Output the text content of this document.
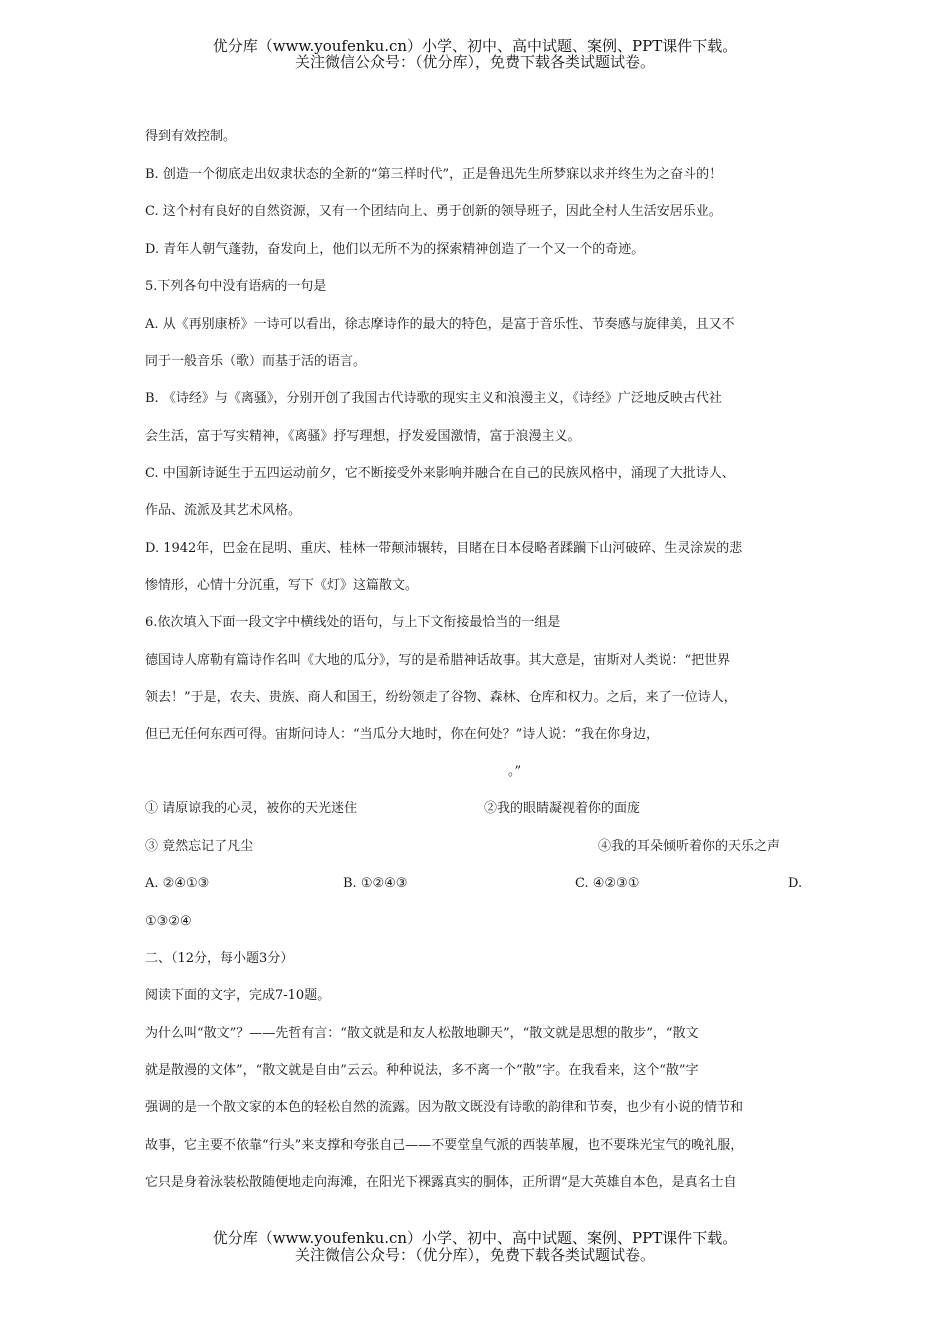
优分库（www.youfenku.cn）小学、初中、高中试题、案例、PPT课件下载。
关注微信公众号：（优分库），免费下载各类试题试卷。
得到有效控制。
B. 创造一个彻底走出奴隶状态的全新的“第三样时代”，正是鲁迅先生所梦寐以求并终生为之奋斗的！
C. 这个村有良好的自然资源，又有一个团结向上、勇于创新的领导班子，因此全村人生活安居乐业。
D. 青年人朝气蓬勃，奋发向上，他们以无所不为的探索精神创造了一个又一个的奇迹。
5.下列各句中没有语病的一句是
A. 从《再别康桥》一诗可以看出，徐志摩诗作的最大的特色，是富于音乐性、节奏感与旋律美，且又不
同于一般音乐（歌）而基于活的语言。
B. 《诗经》与《离骚》，分别开创了我国古代诗歌的现实主义和浪漫主义，《诗经》广泛地反映古代社
会生活，富于写实精神，《离骚》抒写理想，抒发爱国激情，富于浪漫主义。
C. 中国新诗诞生于五四运动前夕，它不断接受外来影响并融合在自己的民族风格中，涌现了大批诗人、
作品、流派及其艺术风格。
D. 1942年，巴金在昆明、重庆、桂林一带颠沛辗转，目睹在日本侵略者蹂躏下山河破碎、生灵涂炭的悲
惨情形，心情十分沉重，写下《灯》这篇散文。
6.依次填入下面一段文字中横线处的语句，与上下文衔接最恰当的一组是
德国诗人席勒有篇诗作名叫《大地的瓜分》，写的是希腊神话故事。其大意是，宙斯对人类说：“把世界
领去！”于是，农夫、贵族、商人和国王，纷纷领走了谷物、森林、仓库和权力。之后，来了一位诗人，
但已无任何东西可得。宙斯问诗人：“当瓜分大地时，你在何处？”诗人说：“我在你身边，
。”
① 请原谅我的心灵，被你的天光迷住	②我的眼睛凝视着你的面庞
③ 竟然忘记了凡尘	④我的耳朵倾听着你的天乐之声
A. ②④①③	B. ①②④③	C. ④②③①	D.
①③②④
二、（12分，每小题3分）
阅读下面的文字，完成7-10题。
为什么叫“散文”？——先哲有言：“散文就是和友人松散地聊天”，“散文就是思想的散步”，“散文
就是散漫的文体”，“散文就是自由”云云。种种说法，多不离一个“散”字。在我看来，这个“散”字
强调的是一个散文家的本色的轻松自然的流露。因为散文既没有诗歌的韵律和节奏，也少有小说的情节和
故事，它主要不依靠“行头”来支撑和夸张自己——不要堂皇气派的西装革履，也不要珠光宝气的晚礼服，
它只是身着泳装松散随便地走向海滩，在阳光下裸露真实的胴体，正所谓“是大英雄自本色，是真名士自
优分库（www.youfenku.cn）小学、初中、高中试题、案例、PPT课件下载。
关注微信公众号：（优分库），免费下载各类试题试卷。
